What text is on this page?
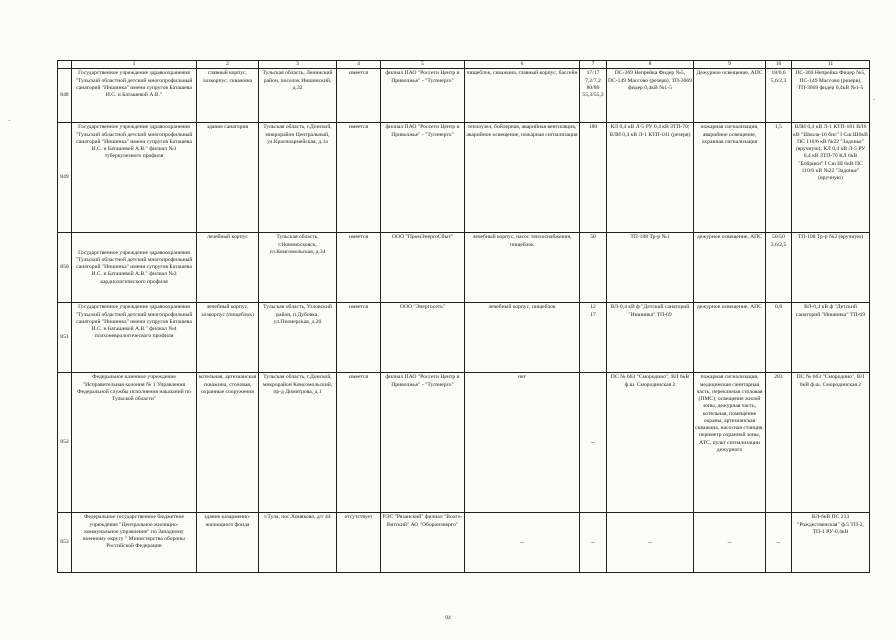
	1	2	3	4	5	6	7	8	9	10	11
848	Государственное учреждение здравоохранения "Тульский областной детский многопрофильный санаторий "Иншинка" имени супругов Баташева И.С. и Баташевой А.В."	главный корпус, хозкорпус, скважина	Тульская область, Ленинский район, поселок Иншинский, д.32	имеется	филиал ПАО "Россети Центр и Приволжье" - "Тулэнерго"	пищеблок, скважина, главный корпус, бассейн	17/17
7,2/7,2
80/80
55,3/55,3	ПС-369 Непрейка Фидер №5, ПС-149 Массово (резерв), ТП-3069 фидер 0,4кВ №1-5	Дежурное освещение, АПС	18/6,6 5,6/2,3	ПС-369 Непрейка Фидер №5, ПС-149 Массово (резерв), ТП-3069 фидер 0,4кВ №1-5
849	Государственное учреждение здравоохранения "Тульский областной детский многопрофильный санаторий "Иншинка" имени супругов Баташева И.С. и Баташевой А.В." филиал №1 туберкулезного профиля	здание санатория	Тульская область, г.Донской, микрорайон Центральный, ул.Красноармейская, д.1а	имеется	филиал ПАО "Россети Центр и Приволжье" - "Тулэнерго"	теплоузел, бойлерная, аварийная вентиляция, аварийное освещение, пожарная сигнализация	180	КЛ 0,4 кВ Л-5 РУ 0,4 кВ ЗТП-70; ВЛИ 0,4 кВ Л-1 КТП-181 (резерв)	пожарная сигнализация, аварийное освещение, охранная сигнализация	1,5	ВЛИ 0,4 кВ Л-1 КТП-181 ВЛ6 кВ "Школа-16 бис" I Сш Ш6кВ ПС 110/6 кВ №22 "Задонье" (вручную); КЛ 0,4 кВ Л-5 РУ 0,4 кВ ЗТП-70 КЛ 6кВ "Бобрики" I Сш Ш 6кВ ПС 110/6 кВ №22 "Задонье" (вручную)
850	Государственное учреждение здравоохранения "Тульский областной детский многопрофильный санаторий "Иншинка" имени супругов Баташева И.С. и Баташевой А.В." филиал №3 кардиологического профиля	лечебный корпус	Тульская область, г.Новомосковск, ул.Комсомольская, д.34	имеется	ООО "ПромЭнергоСбыт"	лечебный корпус, насос теплоснабжения, пищеблок	50	ТП-108 Тр-р №1	дежурное освещение, АПС	50/50 3,6/2,5	ТП-108 Тр-р №2 (вручную)
851	Государственное учреждение здравоохранения "Тульский областной детский многопрофильный санаторий "Иншинка" имени супругов Баташева И.С. и Баташевой А.В." филиал №4 психоневрологического профиля	лечебный корпус, хозкорпус (пищеблок)	Тульская область, Узловский район, п.Дубовка, ул.Пионерская, д.20	имеется	ООО "Энергосеть"	лечебный корпус, пищеблок	12
17	ВЛ-0,4 кВ ф "Детский санаторий "Иншинка" ТП-69	дежурное освещение, АПС	0,8	ВЛ-0,4 кВ ф "Детский санаторий "Иншинка" ТП-69
852	Федеральное казенное учреждение "Исправительная колония № 1 Управления Федеральной службы исполнения наказаний по Тульской области"	котельная, артезианская скважина, столовая, охранные сооружения	Тульская область, г.Донской, микрорайон Комсомольский, пр-д Димитрова, д.1	имеется	филиал ПАО "Россети Центр и Приволжье" - "Тулэнерго"	нет	–	ПС № 663 "Смородино", ВЛ 6кВ ф.ш. Смородинская 2	пожарная сигнализация, медицинская санитарная часть, переключая столовая (ПМС), освещение жилой зоны, дежурная часть, котельная, помещение охраны, артезианская скважина, насосная станция, периметр охранной зоны, АТС, пульт сигнализации дежурного	283	ПС № 663 "Смородино", ВЛ 6кВ ф.ш. Смородинская 2
853	Федеральное государственное бюджетное учреждение "Центральное жилищно-коммунальное управление" по Западному военному округу " Министерства обороны Российской Федерации	здание казарменно-жилищного фонда	г.Тула, пос.Хомяково, д/г 44	отсутствует	РЭС "Рязанский" филиал "Волго-Вятский" АО "Оборонэнерго"	–	–	–	–	–	ВЛ-6кВ ПС 213 "Рождественская" ф.5 ТП-2, ТП-1 РУ-0,4кВ
·
·
94
